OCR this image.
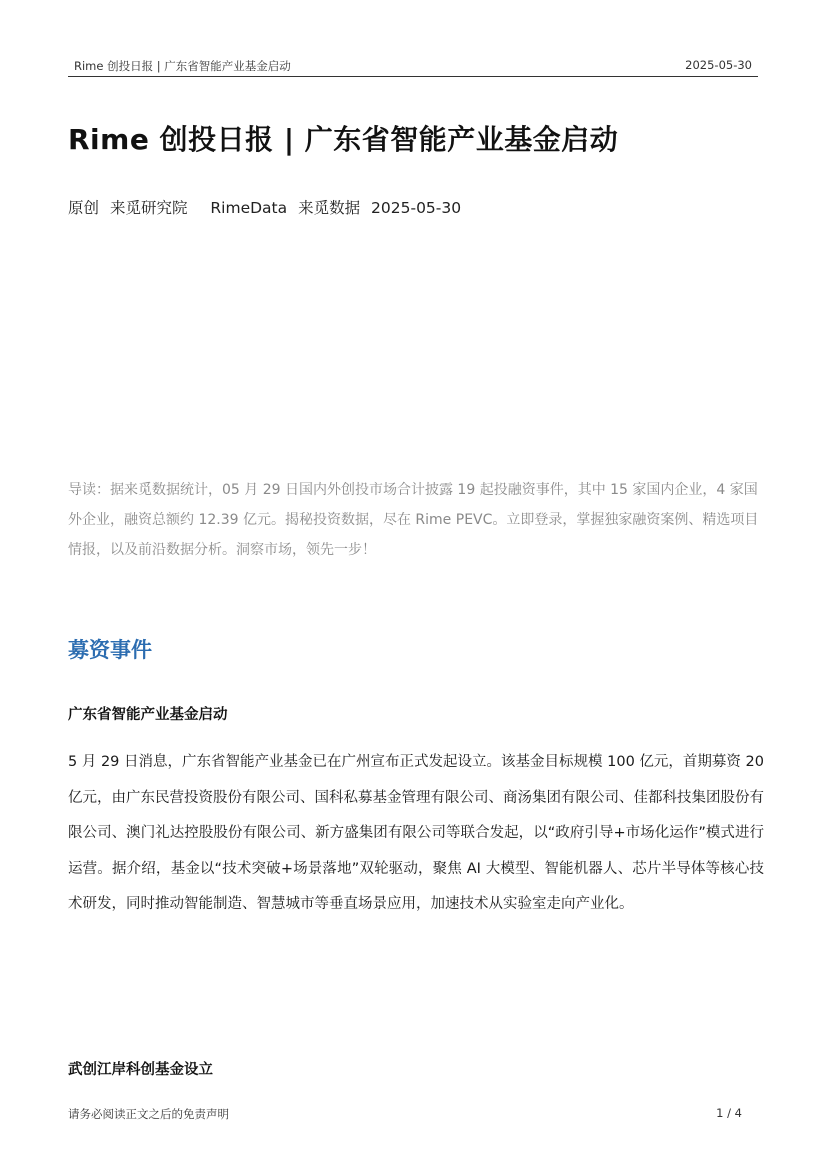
Rime 创投日报 | 广东省智能产业基金启动	2025-05-30
Rime 创投日报 | 广东省智能产业基金启动
原创 来觅研究院 RimeData 来觅数据 2025-05-30

导读：据来觅数据统计，05 月 29 日国内外创投市场合计披露 19 起投融资事件，其中 15 家国内企业，4 家国外企业，融资总额约 12.39 亿元。揭秘投资数据，尽在 Rime PEVC。立即登录，掌握独家融资案例、精选项目情报，以及前沿数据分析。洞察市场，领先一步！

募资事件
广东省智能产业基金启动

5 月 29 日消息，广东省智能产业基金已在广州宣布正式发起设立。该基金目标规模 100 亿元，首期募资 20 亿元，由广东民营投资股份有限公司、国科私募基金管理有限公司、商汤集团有限公司、佳都科技集团股份有限公司、澳门礼达控股股份有限公司、新方盛集团有限公司等联合发起，以“政府引导+市场化运作”模式进行运营。据介绍，基金以“技术突破+场景落地”双轮驱动，聚焦 AI 大模型、智能机器人、芯片半导体等核心技术研发，同时推动智能制造、智慧城市等垂直场景应用，加速技术从实验室走向产业化。

武创江岸科创基金设立
请务必阅读正文之后的免责声明	1 / 4
